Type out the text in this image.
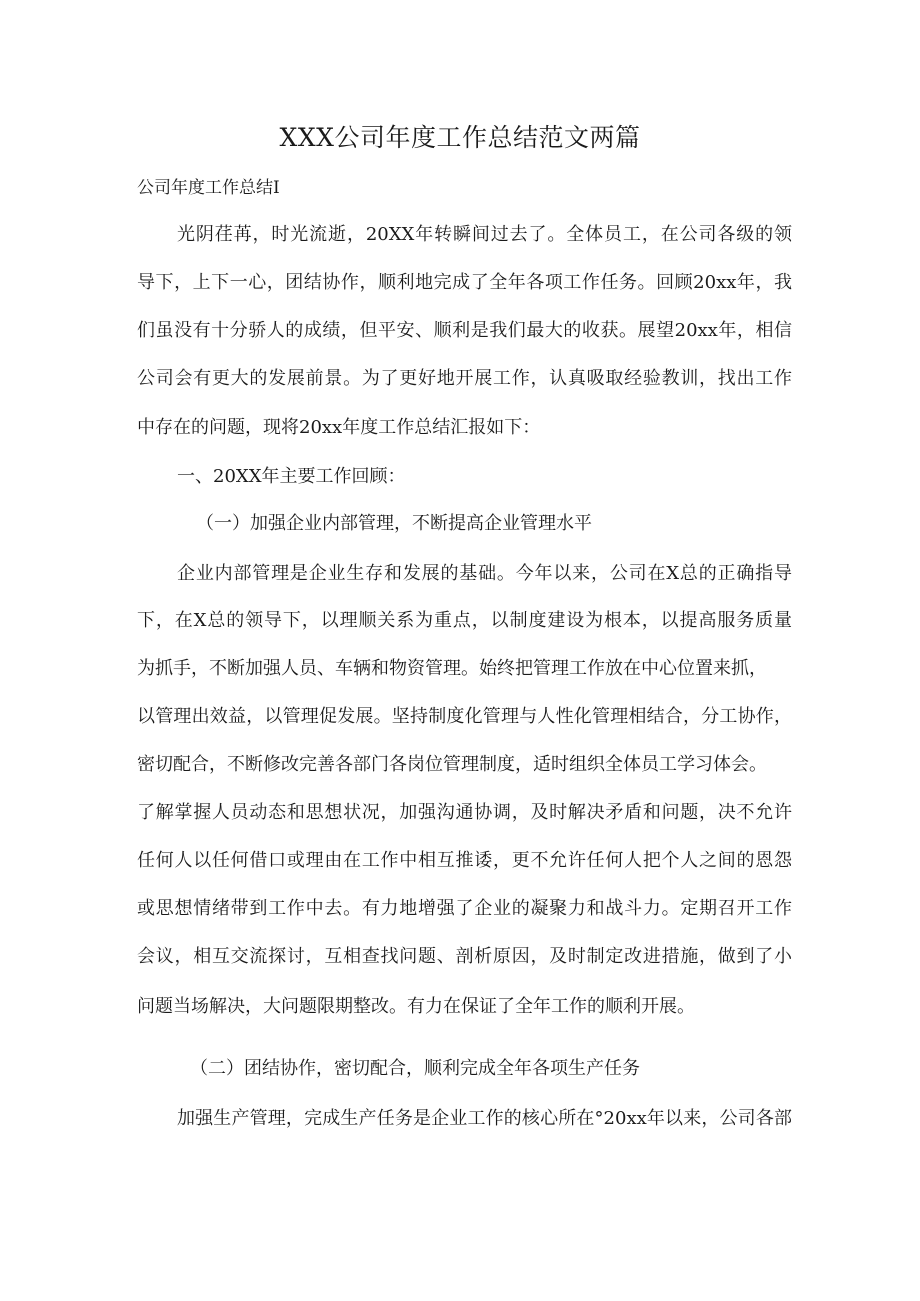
XXX公司年度工作总结范文两篇

公司年度工作总结I

光阴荏苒，时光流逝，20XX年转瞬间过去了。全体员工，在公司各级的领

导下，上下一心，团结协作，顺利地完成了全年各项工作任务。回顾20xx年，我

们虽没有十分骄人的成绩，但平安、顺利是我们最大的收获。展望20xx年，相信

公司会有更大的发展前景。为了更好地开展工作，认真吸取经验教训，找出工作

中存在的问题，现将20xx年度工作总结汇报如下：

一、20XX年主要工作回顾：

（一）加强企业内部管理，不断提高企业管理水平

企业内部管理是企业生存和发展的基础。今年以来，公司在X总的正确指导

下，在X总的领导下，以理顺关系为重点，以制度建设为根本，以提高服务质量

为抓手，不断加强人员、车辆和物资管理。始终把管理工作放在中心位置来抓，

以管理出效益，以管理促发展。坚持制度化管理与人性化管理相结合，分工协作，

密切配合，不断修改完善各部门各岗位管理制度，适时组织全体员工学习体会。

了解掌握人员动态和思想状况，加强沟通协调，及时解决矛盾和问题，决不允许

任何人以任何借口或理由在工作中相互推诿，更不允许任何人把个人之间的恩怨

或思想情绪带到工作中去。有力地增强了企业的凝聚力和战斗力。定期召开工作

会议，相互交流探讨，互相查找问题、剖析原因，及时制定改进措施，做到了小

问题当场解决，大问题限期整改。有力在保证了全年工作的顺利开展。

（二）团结协作，密切配合，顺利完成全年各项生产任务

加强生产管理，完成生产任务是企业工作的核心所在°20xx年以来，公司各部
